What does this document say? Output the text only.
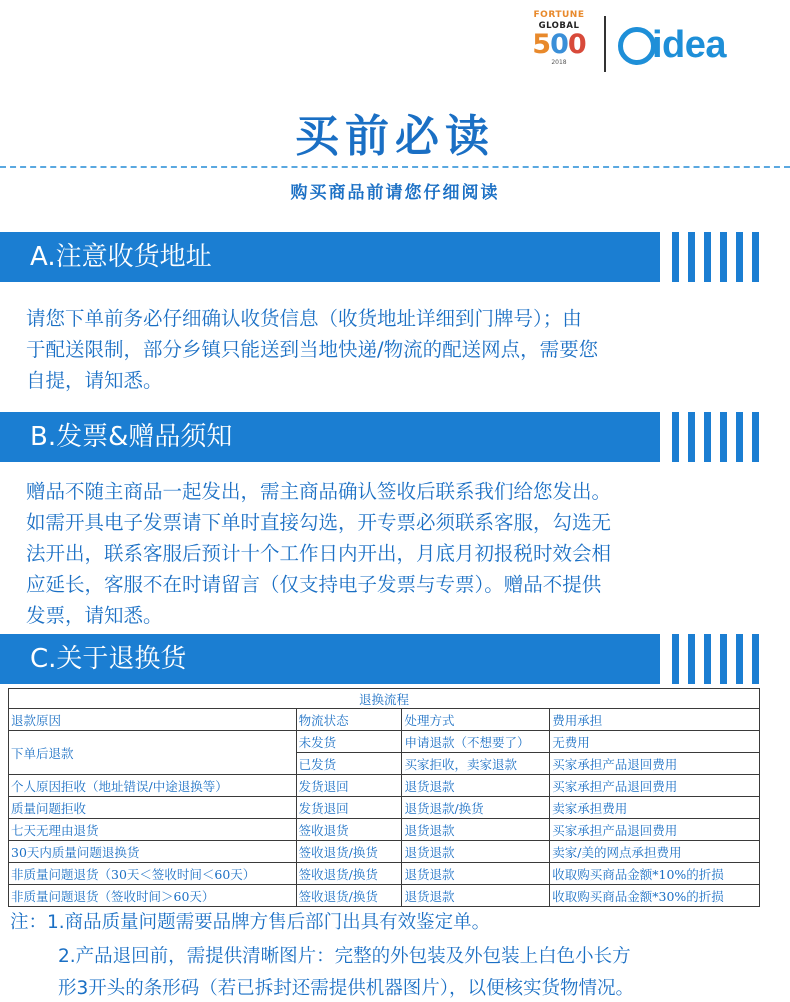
FORTUNE
GLOBAL
500
2018	idea
买前必读
购买商品前请您仔细阅读
A.注意收货地址
请您下单前务必仔细确认收货信息（收货地址详细到门牌号）；由
于配送限制，部分乡镇只能送到当地快递/物流的配送网点，需要您
自提，请知悉。
B.发票&赠品须知
赠品不随主商品一起发出，需主商品确认签收后联系我们给您发出。
如需开具电子发票请下单时直接勾选，开专票必须联系客服，勾选无
法开出，联系客服后预计十个工作日内开出，月底月初报税时效会相
应延长，客服不在时请留言（仅支持电子发票与专票）。赠品不提供
发票，请知悉。
C.关于退换货
退换流程			
退款原因	物流状态	处理方式	费用承担
下单后退款	未发货	申请退款（不想要了）	无费用
	已发货	买家拒收，卖家退款	买家承担产品退回费用
个人原因拒收（地址错误/中途退换等）	发货退回	退货退款	买家承担产品退回费用
质量问题拒收	发货退回	退货退款/换货	卖家承担费用
七天无理由退货	签收退货	退货退款	买家承担产品退回费用
30天内质量问题退换货	签收退货/换货	退货退款	卖家/美的网点承担费用
非质量问题退货（30天＜签收时间＜60天）	签收退货/换货	退货退款	收取购买商品金额*10%的折损
非质量问题退货（签收时间＞60天）	签收退货/换货	退货退款	收取购买商品金额*30%的折损
注：1.商品质量问题需要品牌方售后部门出具有效鉴定单。
2.产品退回前，需提供清晰图片：完整的外包装及外包装上白色小长方
形3开头的条形码（若已拆封还需提供机器图片），以便核实货物情况。
